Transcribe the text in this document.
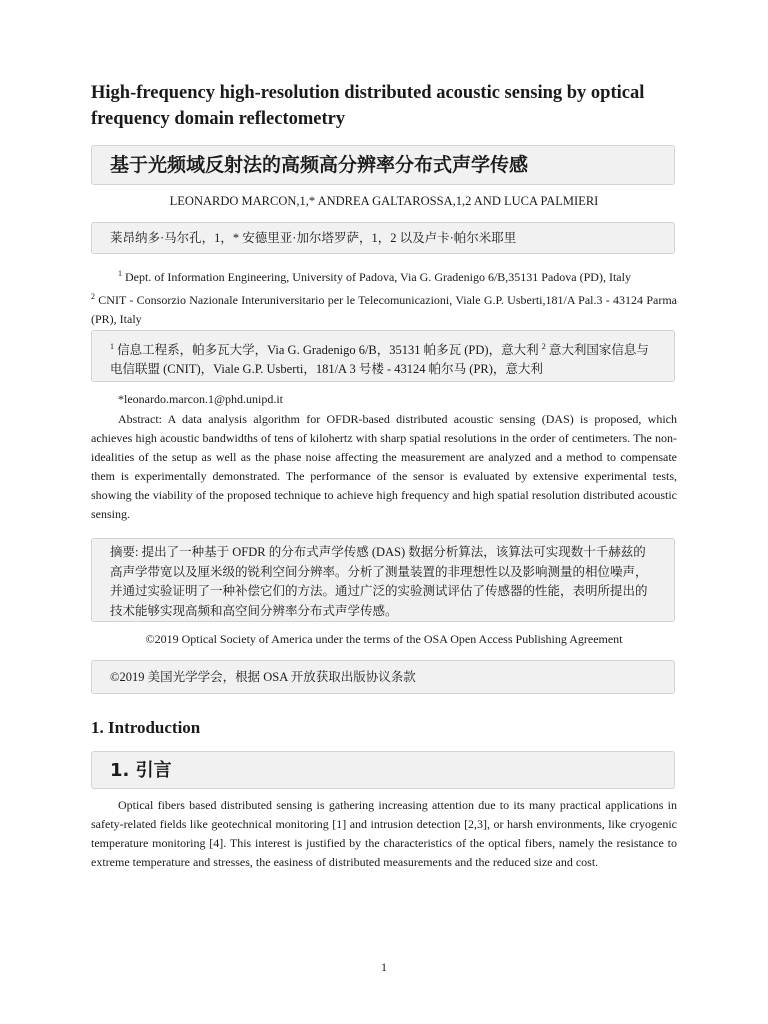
High-frequency high-resolution distributed acoustic sensing by optical frequency domain reflectometry
基于光频域反射法的高频高分辨率分布式声学传感
LEONARDO MARCON,1,* ANDREA GALTAROSSA,1,2 AND LUCA PALMIERI
莱昂纳多·马尔孔，1，* 安德里亚·加尔塔罗萨，1，2 以及卢卡·帕尔米耶里
$^1$ Dept. of Information Engineering, University of Padova, Via G. Gradenigo 6/B,35131 Padova (PD), Italy
$^2$ CNIT - Consorzio Nazionale Interuniversitario per le Telecomunicazioni, Viale G.P. Usberti,181/A Pal.3 - 43124 Parma (PR), Italy
$^1$ 信息工程系，帕多瓦大学，Via G. Gradenigo 6/B，35131 帕多瓦 (PD)，意大利 $^2$ 意大利国家信息与电信联盟 (CNIT)，Viale G.P. Usberti，181/A 3 号楼 - 43124 帕尔马 (PR)，意大利
*leonardo.marcon.1@phd.unipd.it

Abstract: A data analysis algorithm for OFDR-based distributed acoustic sensing (DAS) is proposed, which achieves high acoustic bandwidths of tens of kilohertz with sharp spatial resolutions in the order of centimeters. The non-idealities of the setup as well as the phase noise affecting the measurement are analyzed and a method to compensate them is experimentally demonstrated. The performance of the sensor is evaluated by extensive experimental tests, showing the viability of the proposed technique to achieve high frequency and high spatial resolution distributed acoustic sensing.

摘要: 提出了一种基于 OFDR 的分布式声学传感 (DAS) 数据分析算法，该算法可实现数十千赫兹的高声学带宽以及厘米级的锐利空间分辨率。分析了测量装置的非理想性以及影响测量的相位噪声，并通过实验证明了一种补偿它们的方法。通过广泛的实验测试评估了传感器的性能，表明所提出的技术能够实现高频和高空间分辨率分布式声学传感。
©2019 Optical Society of America under the terms of the OSA Open Access Publishing Agreement
©2019 美国光学学会，根据 OSA 开放获取出版协议条款
1. Introduction
1. 引言

Optical fibers based distributed sensing is gathering increasing attention due to its many practical applications in safety-related fields like geotechnical monitoring [1] and intrusion detection [2,3], or harsh environments, like cryogenic temperature monitoring [4]. This interest is justified by the characteristics of the optical fibers, namely the resistance to extreme temperature and stresses, the easiness of distributed measurements and the reduced size and cost.

1
